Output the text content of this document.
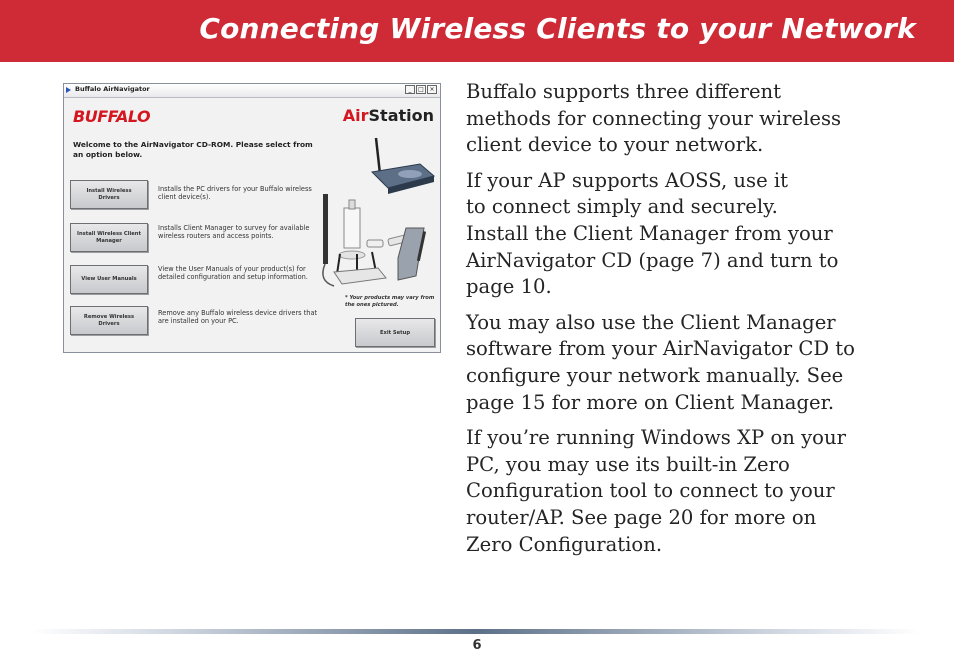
Connecting Wireless Clients to your Network
Buffalo AirNavigator	_	□ ×
BUFFALO	AirStation
Welcome to the AirNavigator CD-ROM. Please select from an option below.
Install Wireless Drivers
Installs the PC drivers for your Buffalo wireless client device(s).
Install Wireless Client Manager
Installs Client Manager to survey for available wireless routers and access points.
View User Manuals
View the User Manuals of your product(s) for detailed configuration and setup information.
Remove Wireless Drivers
Remove any Buffalo wireless device drivers that are installed on your PC.
* Your products may vary from the ones pictured.
Exit Setup

Buffalo supports three different
methods for connecting your wireless
client device to your network.

If your AP supports AOSS, use it
to connect simply and securely.
Install the Client Manager from your
AirNavigator CD (page 7) and turn to
page 10.

You may also use the Client Manager
software from your AirNavigator CD to
configure your network manually. See
page 15 for more on Client Manager.

If you’re running Windows XP on your
PC, you may use its built-in Zero
Configuration tool to connect to your
router/AP. See page 20 for more on
Zero Configuration.

6
